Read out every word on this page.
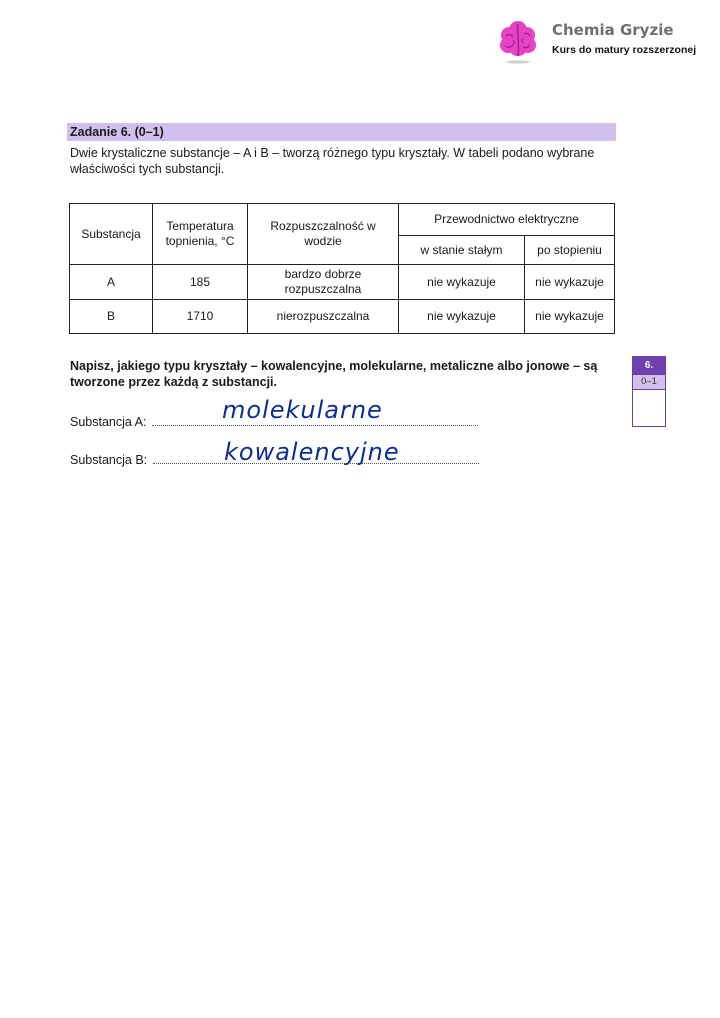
Chemia Gryzie
Kurs do matury rozszerzonej
Zadanie 6. (0–1)
Dwie krystaliczne substancje – A i B – tworzą różnego typu kryształy. W tabeli podano wybrane właściwości tych substancji.
Substancja	Temperatura topnienia, °C	Rozpuszczalność w wodzie	Przewodnictwo elektryczne	
			w stanie stałym	po stopieniu
A	185	bardzo dobrze rozpuszczalna	nie wykazuje	nie wykazuje
B	1710	nierozpuszczalna	nie wykazuje	nie wykazuje
Napisz, jakiego typu kryształy – kowalencyjne, molekularne, metaliczne albo jonowe – są tworzone przez każdą z substancji.
Substancja A:	molekularne
Substancja B:	kowalencyjne
6.
0–1
